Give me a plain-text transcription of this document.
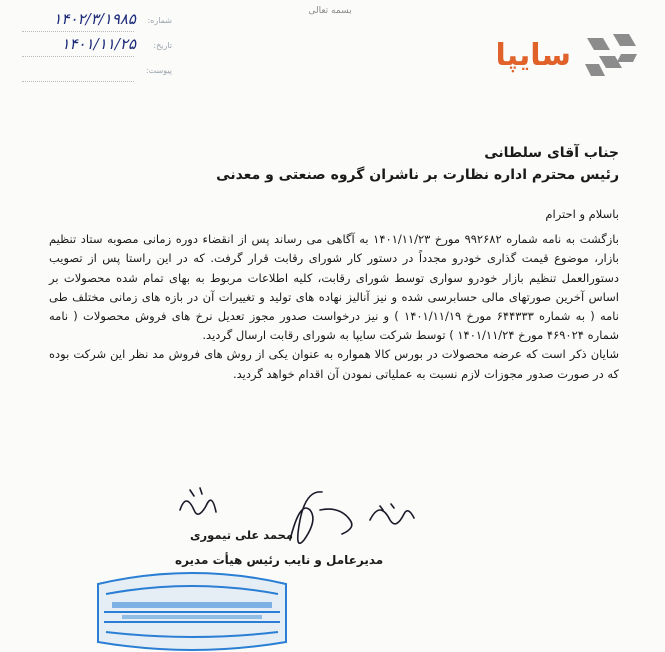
بسمه تعالی
شماره:
۱۴۰۲/۳/۱۹۸۵
تاریخ:
۱۴۰۱/۱۱/۲۵
پیوست:	سایپا
جناب آقای سلطانی
رئیس محترم اداره نظارت بر ناشران گروه صنعتی و معدنی
باسلام و احترام

بازگشت به نامه شماره ۹۹۲۶۸۲ مورخ ۱۴۰۱/۱۱/۲۳ به آگاهی می رساند پس از انقضاء دوره زمانی مصوبه ستاد تنظیم بازار، موضوع قیمت گذاری خودرو مجدداً در دستور کار شورای رقابت قرار گرفت. که در این راستا پس از تصویب دستورالعمل تنظیم بازار خودرو سواری توسط شورای رقابت، کلیه اطلاعات مربوط به بهای تمام شده محصولات بر اساس آخرین صورتهای مالی حسابرسی شده و نیز آنالیز نهاده های تولید و تغییرات آن در بازه های زمانی مختلف طی نامه ( به شماره ۶۴۴۳۳۳ مورخ ۱۴۰۱/۱۱/۱۹ ) و نیز درخواست صدور مجوز تعدیل نرخ های فروش محصولات ( نامه شماره ۴۶۹۰۲۴ مورخ ۱۴۰۱/۱۱/۲۴ ) توسط شرکت سایپا به شورای رقابت ارسال گردید.

شایان ذکر است که عرضه محصولات در بورس کالا همواره به عنوان یکی از روش های فروش مد نظر این شرکت بوده که در صورت صدور مجوزات لازم نسبت به عملیاتی نمودن آن اقدام خواهد گردید.

محمد علی تیموری
مدیرعامل و نایب رئیس هیأت مدیره
